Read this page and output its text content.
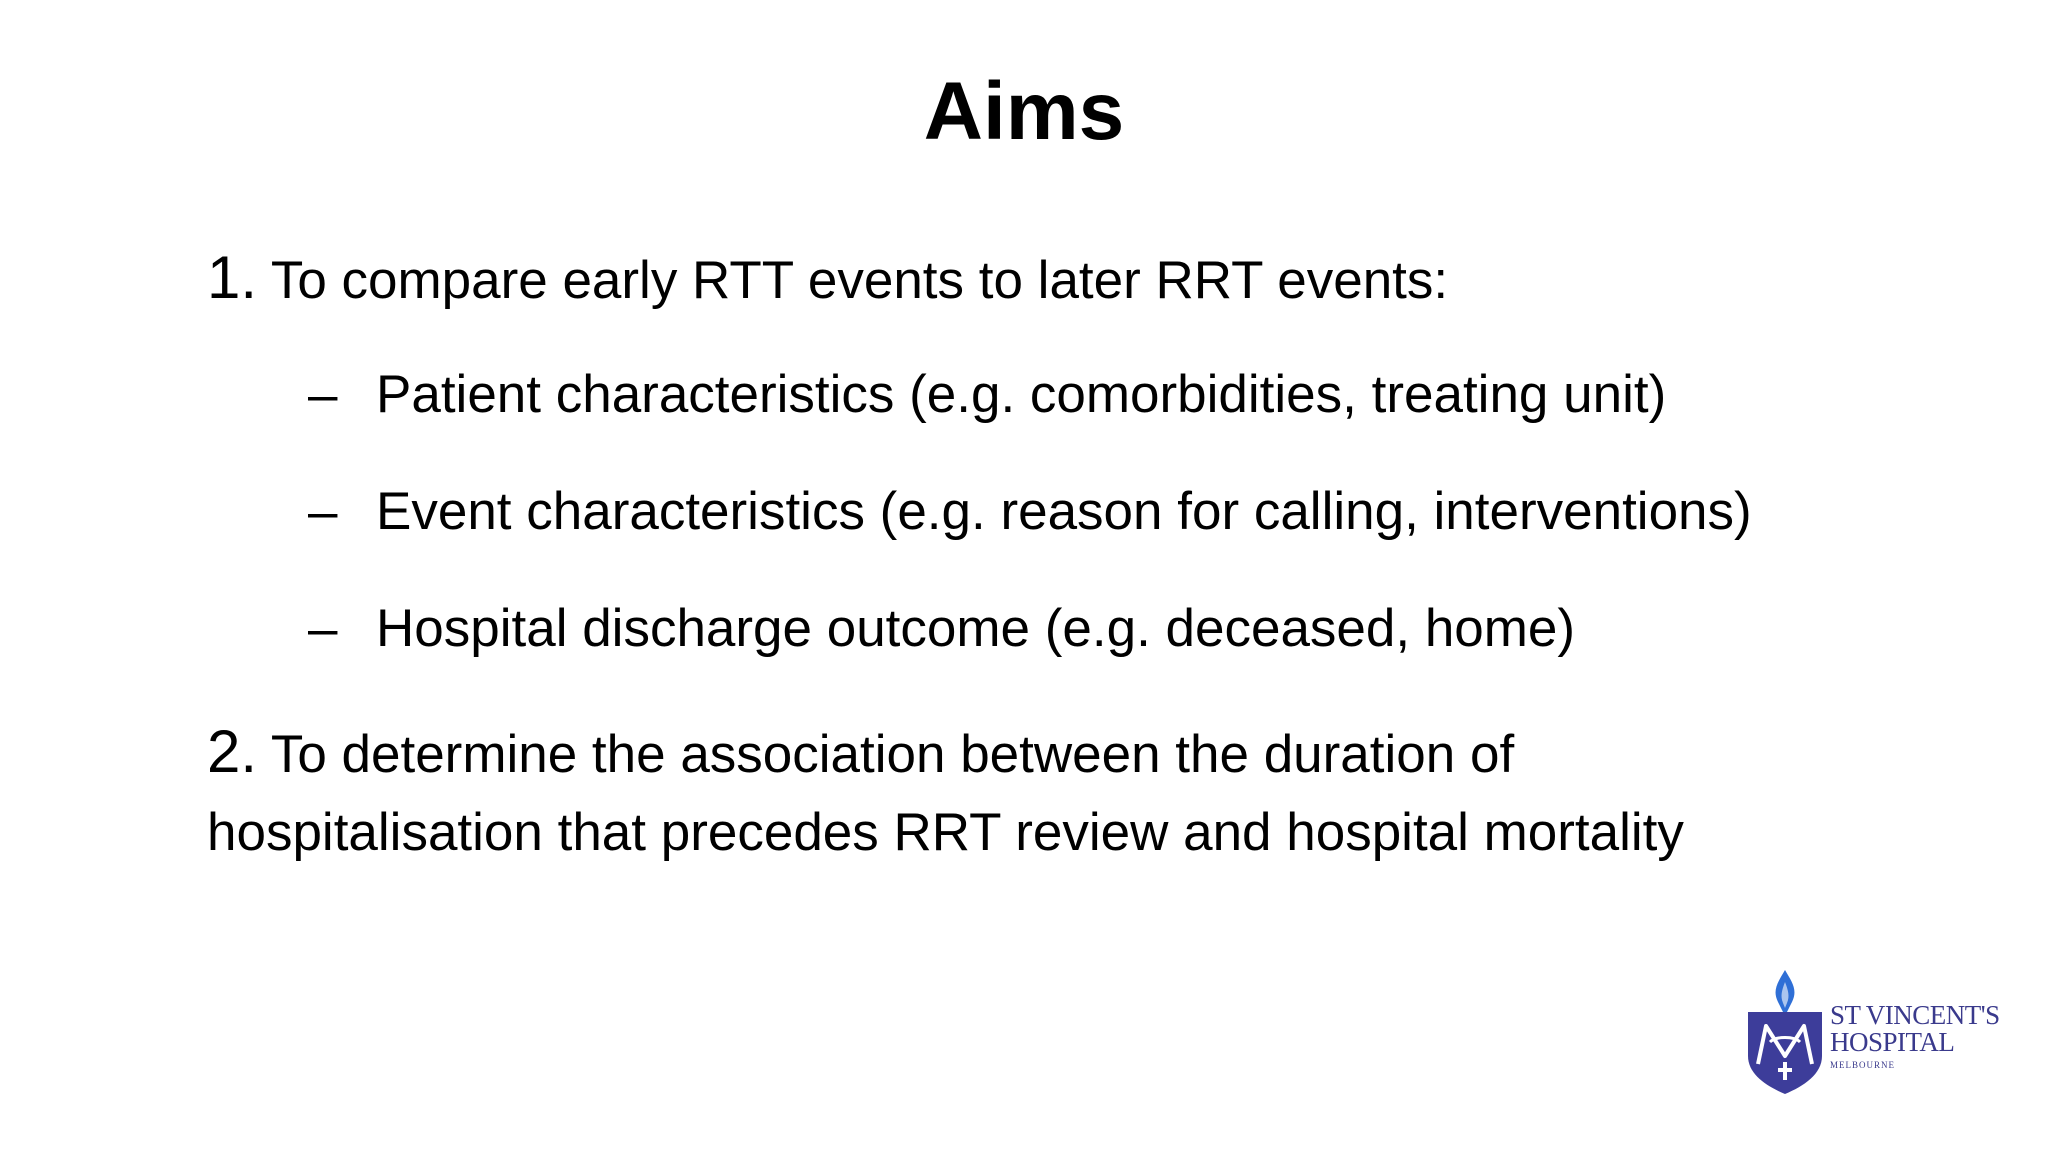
Aims
1. To compare early RTT events to later RRT events:
– Patient characteristics (e.g. comorbidities, treating unit)
– Event characteristics (e.g. reason for calling, interventions)
– Hospital discharge outcome (e.g. deceased, home)
2. To determine the association between the duration of
hospitalisation that precedes RRT review and hospital mortality
ST VINCENT'S
HOSPITAL
MELBOURNE
